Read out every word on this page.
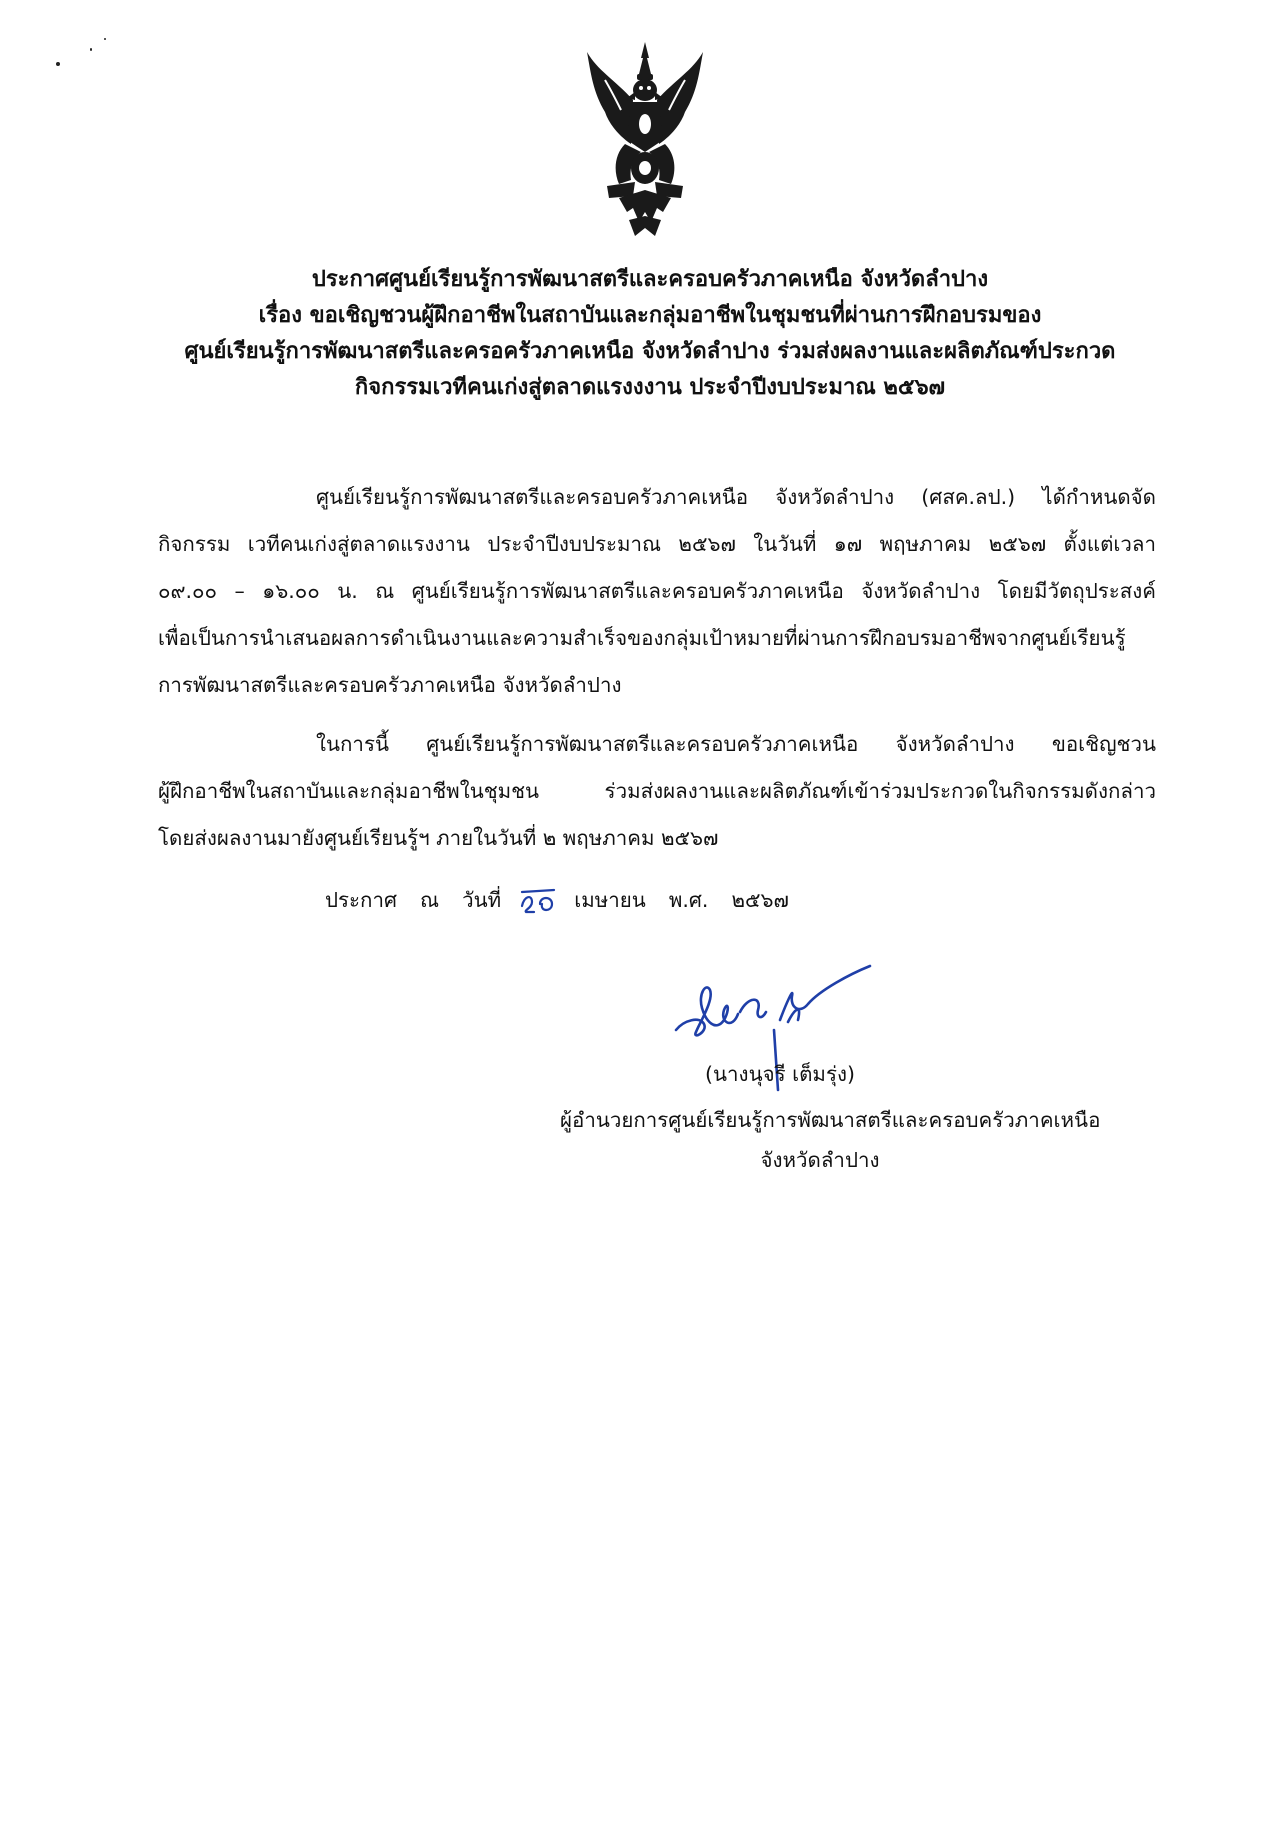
ประกาศศูนย์เรียนรู้การพัฒนาสตรีและครอบครัวภาคเหนือ จังหวัดลำปาง
เรื่อง ขอเชิญชวนผู้ฝึกอาชีพในสถาบันและกลุ่มอาชีพในชุมชนที่ผ่านการฝึกอบรมของ
ศูนย์เรียนรู้การพัฒนาสตรีและครอครัวภาคเหนือ จังหวัดลำปาง ร่วมส่งผลงานและผลิตภัณฑ์ประกวด
กิจกรรมเวทีคนเก่งสู่ตลาดแรงงงาน ประจำปีงบประมาณ ๒๕๖๗
ศูนย์เรียนรู้การพัฒนาสตรีและครอบครัวภาคเหนือ จังหวัดลำปาง (ศสค.ลป.) ได้กำหนดจัด
กิจกรรม เวทีคนเก่งสู่ตลาดแรงงาน ประจำปีงบประมาณ ๒๕๖๗ ในวันที่ ๑๗ พฤษภาคม ๒๕๖๗ ตั้งแต่เวลา
๐๙.๐๐ – ๑๖.๐๐ น. ณ ศูนย์เรียนรู้การพัฒนาสตรีและครอบครัวภาคเหนือ จังหวัดลำปาง โดยมีวัตถุประสงค์
เพื่อเป็นการนำเสนอผลการดำเนินงานและความสำเร็จของกลุ่มเป้าหมายที่ผ่านการฝึกอบรมอาชีพจากศูนย์เรียนรู้
การพัฒนาสตรีและครอบครัวภาคเหนือ จังหวัดลำปาง
ในการนี้ ศูนย์เรียนรู้การพัฒนาสตรีและครอบครัวภาคเหนือ จังหวัดลำปาง ขอเชิญชวน
ผู้ฝึกอาชีพในสถาบันและกลุ่มอาชีพในชุมชน ร่วมส่งผลงานและผลิตภัณฑ์เข้าร่วมประกวดในกิจกรรมดังกล่าว
โดยส่งผลงานมายังศูนย์เรียนรู้ฯ ภายในวันที่ ๒ พฤษภาคม ๒๕๖๗
ประกาศ ณ วันที่	เมษายน พ.ศ. ๒๕๖๗
(นางนุจรี เต็มรุ่ง)
ผู้อำนวยการศูนย์เรียนรู้การพัฒนาสตรีและครอบครัวภาคเหนือ
จังหวัดลำปาง
